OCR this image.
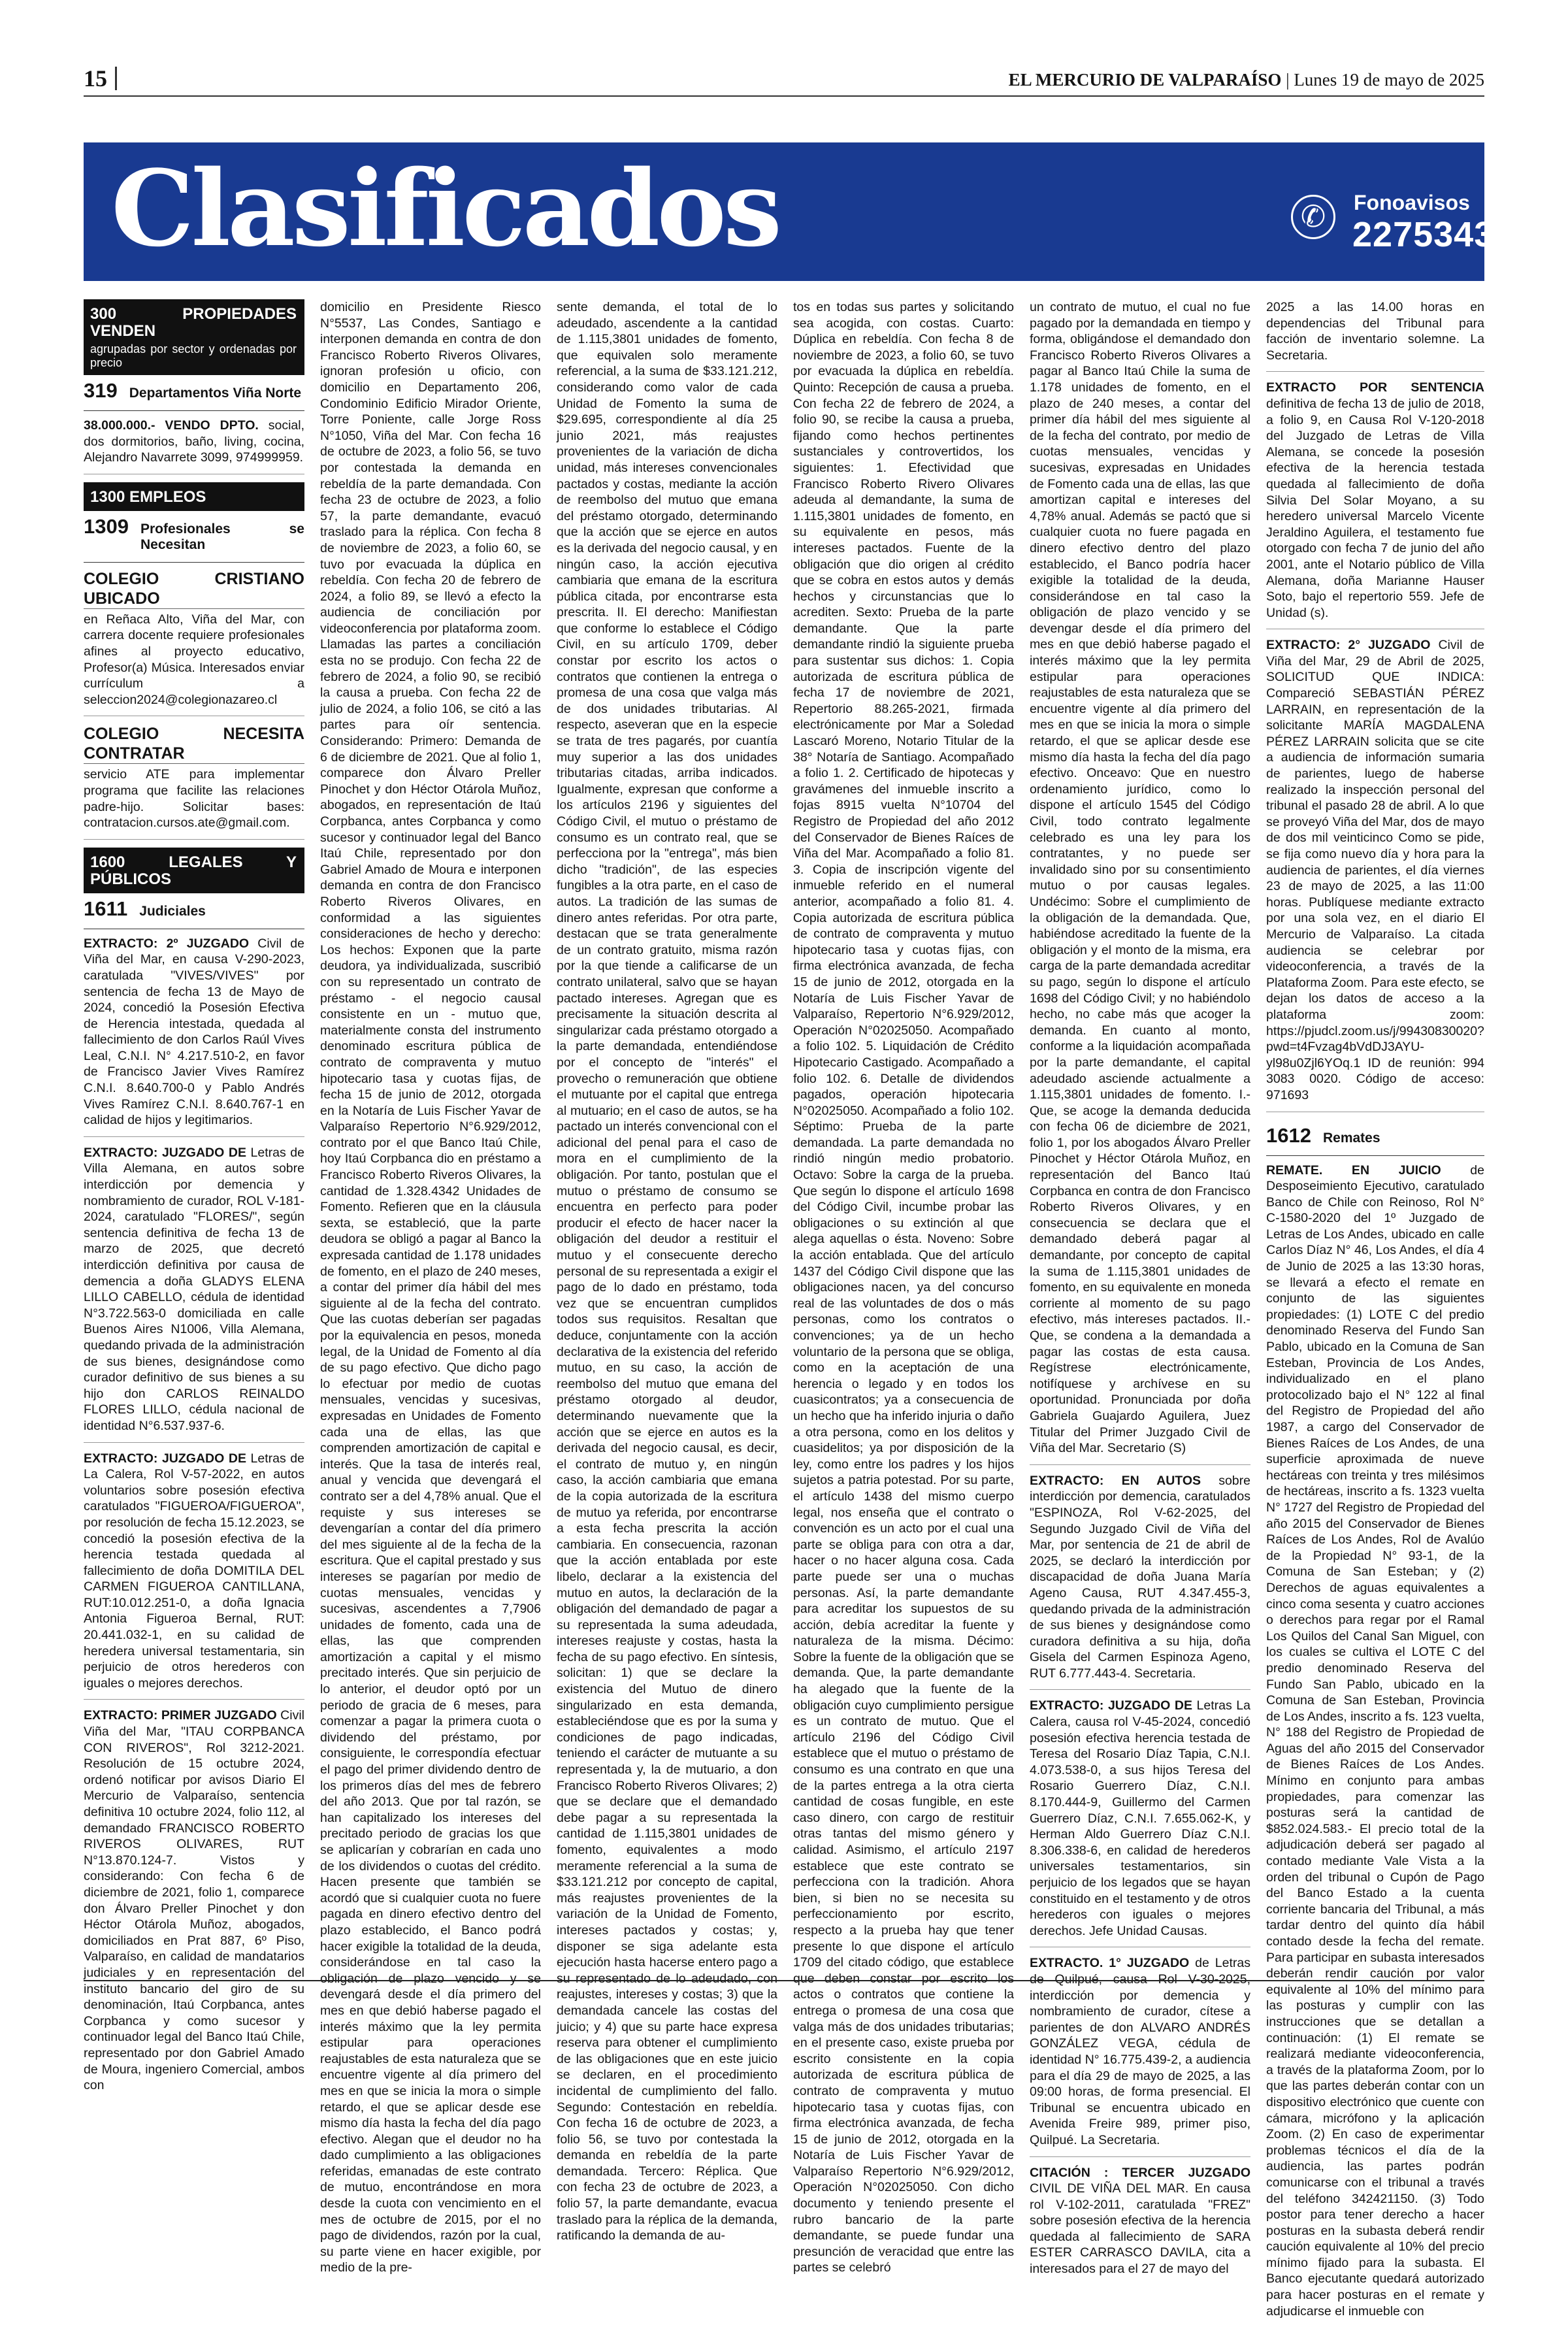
15	EL MERCURIO DE VALPARAÍSO | Lunes 19 de mayo de 2025
Clasificados	✆	Fonoavisos
227534313
300 PROPIEDADES VENDEN
agrupadas por sector y ordenadas por precio
319 Departamentos Viña Norte

38.000.000.- VENDO DPTO. social, dos dormitorios, baño, living, cocina, Alejandro Navarrete 3099, 974999959.

1300 EMPLEOS
1309 Profesionales se Necesitan
COLEGIO CRISTIANO UBICADO

en Reñaca Alto, Viña del Mar, con carrera docente requiere profesionales afines al proyecto educativo, Profesor(a) Música. Interesados enviar currículum a seleccion2024@colegionazareo.cl

COLEGIO NECESITA CONTRATAR

servicio ATE para implementar programa que facilite las relaciones padre-hijo. Solicitar bases: contratacion.cursos.ate@gmail.com.

1600 LEGALES Y PÚBLICOS
1611 Judiciales

EXTRACTO: 2º JUZGADO Civil de Viña del Mar, en causa V-290-2023, caratulada "VIVES/VIVES" por sentencia de fecha 13 de Mayo de 2024, concedió la Posesión Efectiva de Herencia intestada, quedada al fallecimiento de don Carlos Raúl Vives Leal, C.N.I. N° 4.217.510-2, en favor de Francisco Javier Vives Ramírez C.N.I. 8.640.700-0 y Pablo Andrés Vives Ramírez C.N.I. 8.640.767-1 en calidad de hijos y legitimarios.

EXTRACTO: JUZGADO DE Letras de Villa Alemana, en autos sobre interdicción por demencia y nombramiento de curador, ROL V-181-2024, caratulado "FLORES/", según sentencia definitiva de fecha 13 de marzo de 2025, que decretó interdicción definitiva por causa de demencia a doña GLADYS ELENA LILLO CABELLO, cédula de identidad N°3.722.563-0 domiciliada en calle Buenos Aires N1006, Villa Alemana, quedando privada de la administración de sus bienes, designándose como curador definitivo de sus bienes a su hijo don CARLOS REINALDO FLORES LILLO, cédula nacional de identidad N°6.537.937-6.

EXTRACTO: JUZGADO DE Letras de La Calera, Rol V-57-2022, en autos voluntarios sobre posesión efectiva caratulados "FIGUEROA/FIGUEROA", por resolución de fecha 15.12.2023, se concedió la posesión efectiva de la herencia testada quedada al fallecimiento de doña DOMITILA DEL CARMEN FIGUEROA CANTILLANA, RUT:10.012.251-0, a doña Ignacia Antonia Figueroa Bernal, RUT: 20.441.032-1, en su calidad de heredera universal testamentaria, sin perjuicio de otros herederos con iguales o mejores derechos.

EXTRACTO: PRIMER JUZGADO Civil Viña del Mar, "ITAU CORPBANCA CON RIVEROS", Rol 3212-2021. Resolución de 15 octubre 2024, ordenó notificar por avisos Diario El Mercurio de Valparaíso, sentencia definitiva 10 octubre 2024, folio 112, al demandado FRANCISCO ROBERTO RIVEROS OLIVARES, RUT N°13.870.124-7. Vistos y considerando: Con fecha 6 de diciembre de 2021, folio 1, comparece don Álvaro Preller Pinochet y don Héctor Otárola Muñoz, abogados, domiciliados en Prat 887, 6º Piso, Valparaíso, en calidad de mandatarios judiciales y en representación del instituto bancario del giro de su denominación, Itaú Corpbanca, antes Corpbanca y como sucesor y continuador legal del Banco Itaú Chile, representado por don Gabriel Amado de Moura, ingeniero Comercial, ambos con

domicilio en Presidente Riesco N°5537, Las Condes, Santiago e interponen demanda en contra de don Francisco Roberto Riveros Olivares, ignoran profesión u oficio, con domicilio en Departamento 206, Condominio Edificio Mirador Oriente, Torre Poniente, calle Jorge Ross N°1050, Viña del Mar. Con fecha 16 de octubre de 2023, a folio 56, se tuvo por contestada la demanda en rebeldía de la parte demandada. Con fecha 23 de octubre de 2023, a folio 57, la parte demandante, evacuó traslado para la réplica. Con fecha 8 de noviembre de 2023, a folio 60, se tuvo por evacuada la dúplica en rebeldía. Con fecha 20 de febrero de 2024, a folio 89, se llevó a efecto la audiencia de conciliación por videoconferencia por plataforma zoom. Llamadas las partes a conciliación esta no se produjo. Con fecha 22 de febrero de 2024, a folio 90, se recibió la causa a prueba. Con fecha 22 de julio de 2024, a folio 106, se citó a las partes para oír sentencia. Considerando: Primero: Demanda de 6 de diciembre de 2021. Que al folio 1, comparece don Álvaro Preller Pinochet y don Héctor Otárola Muñoz, abogados, en representación de Itaú Corpbanca, antes Corpbanca y como sucesor y continuador legal del Banco Itaú Chile, representado por don Gabriel Amado de Moura e interponen demanda en contra de don Francisco Roberto Riveros Olivares, en conformidad a las siguientes consideraciones de hecho y derecho: Los hechos: Exponen que la parte deudora, ya individualizada, suscribió con su representado un contrato de préstamo - el negocio causal consistente en un - mutuo que, materialmente consta del instrumento denominado escritura pública de contrato de compraventa y mutuo hipotecario tasa y cuotas fijas, de fecha 15 de junio de 2012, otorgada en la Notaría de Luis Fischer Yavar de Valparaíso Repertorio N°6.929/2012, contrato por el que Banco Itaú Chile, hoy Itaú Corpbanca dio en préstamo a Francisco Roberto Riveros Olivares, la cantidad de 1.328.4342 Unidades de Fomento. Refieren que en la cláusula sexta, se estableció, que la parte deudora se obligó a pagar al Banco la expresada cantidad de 1.178 unidades de fomento, en el plazo de 240 meses, a contar del primer día hábil del mes siguiente al de la fecha del contrato. Que las cuotas deberían ser pagadas por la equivalencia en pesos, moneda legal, de la Unidad de Fomento al día de su pago efectivo. Que dicho pago lo efectuar por medio de cuotas mensuales, vencidas y sucesivas, expresadas en Unidades de Fomento cada una de ellas, las que comprenden amortización de capital e interés. Que la tasa de interés real, anual y vencida que devengará el contrato ser a del 4,78% anual. Que el requiste y sus intereses se devengarían a contar del día primero del mes siguiente al de la fecha de la escritura. Que el capital prestado y sus intereses se pagarían por medio de cuotas mensuales, vencidas y sucesivas, ascendentes a 7,7906 unidades de fomento, cada una de ellas, las que comprenden amortización a capital y el mismo precitado interés. Que sin perjuicio de lo anterior, el deudor optó por un periodo de gracia de 6 meses, para comenzar a pagar la primera cuota o dividendo del préstamo, por consiguiente, le correspondía efectuar el pago del primer dividendo dentro de los primeros días del mes de febrero del año 2013. Que por tal razón, se han capitalizado los intereses del precitado periodo de gracias los que se aplicarían y cobrarían en cada uno de los dividendos o cuotas del crédito. Hacen presente que también se acordó que si cualquier cuota no fuere pagada en dinero efectivo dentro del plazo establecido, el Banco podrá hacer exigible la totalidad de la deuda, considerándose en tal caso la obligación de plazo vencido y se devengará desde el día primero del mes en que debió haberse pagado el interés máximo que la ley permita estipular para operaciones reajustables de esta naturaleza que se encuentre vigente al día primero del mes en que se inicia la mora o simple retardo, el que se aplicar desde ese mismo día hasta la fecha del día pago efectivo. Alegan que el deudor no ha dado cumplimiento a las obligaciones referidas, emanadas de este contrato de mutuo, encontrándose en mora desde la cuota con vencimiento en el mes de octubre de 2015, por el no pago de dividendos, razón por la cual, su parte viene en hacer exigible, por medio de la pre-

sente demanda, el total de lo adeudado, ascendente a la cantidad de 1.115,3801 unidades de fomento, que equivalen solo meramente referencial, a la suma de $33.121.212, considerando como valor de cada Unidad de Fomento la suma de $29.695, correspondiente al día 25 junio 2021, más reajustes provenientes de la variación de dicha unidad, más intereses convencionales pactados y costas, mediante la acción de reembolso del mutuo que emana del préstamo otorgado, determinando que la acción que se ejerce en autos es la derivada del negocio causal, y en ningún caso, la acción ejecutiva cambiaria que emana de la escritura pública citada, por encontrarse esta prescrita. II. El derecho: Manifiestan que conforme lo establece el Código Civil, en su artículo 1709, deber constar por escrito los actos o contratos que contienen la entrega o promesa de una cosa que valga más de dos unidades tributarias. Al respecto, aseveran que en la especie se trata de tres pagarés, por cuantía muy superior a las dos unidades tributarias citadas, arriba indicados. Igualmente, expresan que conforme a los artículos 2196 y siguientes del Código Civil, el mutuo o préstamo de consumo es un contrato real, que se perfecciona por la "entrega", más bien dicho "tradición", de las especies fungibles a la otra parte, en el caso de autos. La tradición de las sumas de dinero antes referidas. Por otra parte, destacan que se trata generalmente de un contrato gratuito, misma razón por la que tiende a calificarse de un contrato unilateral, salvo que se hayan pactado intereses. Agregan que es precisamente la situación descrita al singularizar cada préstamo otorgado a la parte demandada, entendiéndose por el concepto de "interés" el provecho o remuneración que obtiene el mutuante por el capital que entrega al mutuario; en el caso de autos, se ha pactado un interés convencional con el adicional del penal para el caso de mora en el cumplimiento de la obligación. Por tanto, postulan que el mutuo o préstamo de consumo se encuentra en perfecto para poder producir el efecto de hacer nacer la obligación del deudor a restituir el mutuo y el consecuente derecho personal de su representada a exigir el pago de lo dado en préstamo, toda vez que se encuentran cumplidos todos sus requisitos. Resaltan que deduce, conjuntamente con la acción declarativa de la existencia del referido mutuo, en su caso, la acción de reembolso del mutuo que emana del préstamo otorgado al deudor, determinando nuevamente que la acción que se ejerce en autos es la derivada del negocio causal, es decir, el contrato de mutuo y, en ningún caso, la acción cambiaria que emana de la copia autorizada de la escritura de mutuo ya referida, por encontrarse a esta fecha prescrita la acción cambiaria. En consecuencia, razonan que la acción entablada por este libelo, declarar a la existencia del mutuo en autos, la declaración de la obligación del demandado de pagar a su representada la suma adeudada, intereses reajuste y costas, hasta la fecha de su pago efectivo. En síntesis, solicitan: 1) que se declare la existencia del Mutuo de dinero singularizado en esta demanda, estableciéndose que es por la suma y condiciones de pago indicadas, teniendo el carácter de mutuante a su representada y, la de mutuario, a don Francisco Roberto Riveros Olivares; 2) que se declare que el demandado debe pagar a su representada la cantidad de 1.115,3801 unidades de fomento, equivalentes a modo meramente referencial a la suma de $33.121.212 por concepto de capital, más reajustes provenientes de la variación de la Unidad de Fomento, intereses pactados y costas; y, disponer se siga adelante esta ejecución hasta hacerse entero pago a su representado de lo adeudado, con reajustes, intereses y costas; 3) que la demandada cancele las costas del juicio; y 4) que su parte hace expresa reserva para obtener el cumplimiento de las obligaciones que en este juicio se declaren, en el procedimiento incidental de cumplimiento del fallo. Segundo: Contestación en rebeldía. Con fecha 16 de octubre de 2023, a folio 56, se tuvo por contestada la demanda en rebeldía de la parte demandada. Tercero: Réplica. Que con fecha 23 de octubre de 2023, a folio 57, la parte demandante, evacua traslado para la réplica de la demanda, ratificando la demanda de au-

tos en todas sus partes y solicitando sea acogida, con costas. Cuarto: Dúplica en rebeldía. Con fecha 8 de noviembre de 2023, a folio 60, se tuvo por evacuada la dúplica en rebeldía. Quinto: Recepción de causa a prueba. Con fecha 22 de febrero de 2024, a folio 90, se recibe la causa a prueba, fijando como hechos pertinentes sustanciales y controvertidos, los siguientes: 1. Efectividad que Francisco Roberto Rivero Olivares adeuda al demandante, la suma de 1.115,3801 unidades de fomento, en su equivalente en pesos, más intereses pactados. Fuente de la obligación que dio origen al crédito que se cobra en estos autos y demás hechos y circunstancias que lo acrediten. Sexto: Prueba de la parte demandante. Que la parte demandante rindió la siguiente prueba para sustentar sus dichos: 1. Copia autorizada de escritura pública de fecha 17 de noviembre de 2021, Repertorio 88.265-2021, firmada electrónicamente por Mar a Soledad Lascaró Moreno, Notario Titular de la 38° Notaría de Santiago. Acompañado a folio 1. 2. Certificado de hipotecas y gravámenes del inmueble inscrito a fojas 8915 vuelta N°10704 del Registro de Propiedad del año 2012 del Conservador de Bienes Raíces de Viña del Mar. Acompañado a folio 81. 3. Copia de inscripción vigente del inmueble referido en el numeral anterior, acompañado a folio 81. 4. Copia autorizada de escritura pública de contrato de compraventa y mutuo hipotecario tasa y cuotas fijas, con firma electrónica avanzada, de fecha 15 de junio de 2012, otorgada en la Notaría de Luis Fischer Yavar de Valparaíso, Repertorio N°6.929/2012, Operación N°02025050. Acompañado a folio 102. 5. Liquidación de Crédito Hipotecario Castigado. Acompañado a folio 102. 6. Detalle de dividendos pagados, operación hipotecaria N°02025050. Acompañado a folio 102. Séptimo: Prueba de la parte demandada. La parte demandada no rindió ningún medio probatorio. Octavo: Sobre la carga de la prueba. Que según lo dispone el artículo 1698 del Código Civil, incumbe probar las obligaciones o su extinción al que alega aquellas o ésta. Noveno: Sobre la acción entablada. Que del artículo 1437 del Código Civil dispone que las obligaciones nacen, ya del concurso real de las voluntades de dos o más personas, como los contratos o convenciones; ya de un hecho voluntario de la persona que se obliga, como en la aceptación de una herencia o legado y en todos los cuasicontratos; ya a consecuencia de un hecho que ha inferido injuria o daño a otra persona, como en los delitos y cuasidelitos; ya por disposición de la ley, como entre los padres y los hijos sujetos a patria potestad. Por su parte, el artículo 1438 del mismo cuerpo legal, nos enseña que el contrato o convención es un acto por el cual una parte se obliga para con otra a dar, hacer o no hacer alguna cosa. Cada parte puede ser una o muchas personas. Así, la parte demandante para acreditar los supuestos de su acción, debía acreditar la fuente y naturaleza de la misma. Décimo: Sobre la fuente de la obligación que se demanda. Que, la parte demandante ha alegado que la fuente de la obligación cuyo cumplimiento persigue es un contrato de mutuo. Que el artículo 2196 del Código Civil establece que el mutuo o préstamo de consumo es una contrato en que una de la partes entrega a la otra cierta cantidad de cosas fungible, en este caso dinero, con cargo de restituir otras tantas del mismo género y calidad. Asimismo, el artículo 2197 establece que este contrato se perfecciona con la tradición. Ahora bien, si bien no se necesita su perfeccionamiento por escrito, respecto a la prueba hay que tener presente lo que dispone el artículo 1709 del citado código, que establece que deben constar por escrito los actos o contratos que contiene la entrega o promesa de una cosa que valga más de dos unidades tributarias; en el presente caso, existe prueba por escrito consistente en la copia autorizada de escritura pública de contrato de compraventa y mutuo hipotecario tasa y cuotas fijas, con firma electrónica avanzada, de fecha 15 de junio de 2012, otorgada en la Notaría de Luis Fischer Yavar de Valparaíso Repertorio N°6.929/2012, Operación N°02025050. Con dicho documento y teniendo presente el rubro bancario de la parte demandante, se puede fundar una presunción de veracidad que entre las partes se celebró

un contrato de mutuo, el cual no fue pagado por la demandada en tiempo y forma, obligándose el demandado don Francisco Roberto Riveros Olivares a pagar al Banco Itaú Chile la suma de 1.178 unidades de fomento, en el plazo de 240 meses, a contar del primer día hábil del mes siguiente al de la fecha del contrato, por medio de cuotas mensuales, vencidas y sucesivas, expresadas en Unidades de Fomento cada una de ellas, las que amortizan capital e intereses del 4,78% anual. Además se pactó que si cualquier cuota no fuere pagada en dinero efectivo dentro del plazo establecido, el Banco podría hacer exigible la totalidad de la deuda, considerándose en tal caso la obligación de plazo vencido y se devengar desde el día primero del mes en que debió haberse pagado el interés máximo que la ley permita estipular para operaciones reajustables de esta naturaleza que se encuentre vigente al día primero del mes en que se inicia la mora o simple retardo, el que se aplicar desde ese mismo día hasta la fecha del día pago efectivo. Onceavo: Que en nuestro ordenamiento jurídico, como lo dispone el artículo 1545 del Código Civil, todo contrato legalmente celebrado es una ley para los contratantes, y no puede ser invalidado sino por su consentimiento mutuo o por causas legales. Undécimo: Sobre el cumplimiento de la obligación de la demandada. Que, habiéndose acreditado la fuente de la obligación y el monto de la misma, era carga de la parte demandada acreditar su pago, según lo dispone el artículo 1698 del Código Civil; y no habiéndolo hecho, no cabe más que acoger la demanda. En cuanto al monto, conforme a la liquidación acompañada por la parte demandante, el capital adeudado asciende actualmente a 1.115,3801 unidades de fomento. I.- Que, se acoge la demanda deducida con fecha 06 de diciembre de 2021, folio 1, por los abogados Álvaro Preller Pinochet y Héctor Otárola Muñoz, en representación del Banco Itaú Corpbanca en contra de don Francisco Roberto Riveros Olivares, y en consecuencia se declara que el demandado deberá pagar al demandante, por concepto de capital la suma de 1.115,3801 unidades de fomento, en su equivalente en moneda corriente al momento de su pago efectivo, más intereses pactados. II.- Que, se condena a la demandada a pagar las costas de esta causa. Regístrese electrónicamente, notifíquese y archívese en su oportunidad. Pronunciada por doña Gabriela Guajardo Aguilera, Juez Titular del Primer Juzgado Civil de Viña del Mar. Secretario (S)

EXTRACTO: EN AUTOS sobre interdicción por demencia, caratulados "ESPINOZA, Rol V-62-2025, del Segundo Juzgado Civil de Viña del Mar, por sentencia de 21 de abril de 2025, se declaró la interdicción por discapacidad de doña Juana María Ageno Causa, RUT 4.347.455-3, quedando privada de la administración de sus bienes y designándose como curadora definitiva a su hija, doña Gisela del Carmen Espinoza Ageno, RUT 6.777.443-4. Secretaria.

EXTRACTO: JUZGADO DE Letras La Calera, causa rol V-45-2024, concedió posesión efectiva herencia testada de Teresa del Rosario Díaz Tapia, C.N.I. 4.073.538-0, a sus hijos Teresa del Rosario Guerrero Díaz, C.N.I. 8.170.444-9, Guillermo del Carmen Guerrero Díaz, C.N.I. 7.655.062-K, y Herman Aldo Guerrero Díaz C.N.I. 8.306.338-6, en calidad de herederos universales testamentarios, sin perjuicio de los legados que se hayan constituido en el testamento y de otros herederos con iguales o mejores derechos. Jefe Unidad Causas.

EXTRACTO. 1° JUZGADO de Letras de Quilpué, causa Rol V-30-2025, interdicción por demencia y nombramiento de curador, cítese a parientes de don ALVARO ANDRÉS GONZÁLEZ VEGA, cédula de identidad N° 16.775.439-2, a audiencia para el día 29 de mayo de 2025, a las 09:00 horas, de forma presencial. El Tribunal se encuentra ubicado en Avenida Freire 989, primer piso, Quilpué. La Secretaria.

CITACIÓN : TERCER JUZGADO CIVIL DE VIÑA DEL MAR. En causa rol V-102-2011, caratulada "FREZ" sobre posesión efectiva de la herencia quedada al fallecimiento de SARA ESTER CARRASCO DAVILA, cita a interesados para el 27 de mayo del

2025 a las 14.00 horas en dependencias del Tribunal para facción de inventario solemne. La Secretaria.

EXTRACTO POR SENTENCIA definitiva de fecha 13 de julio de 2018, a folio 9, en Causa Rol V-120-2018 del Juzgado de Letras de Villa Alemana, se concede la posesión efectiva de la herencia testada quedada al fallecimiento de doña Silvia Del Solar Moyano, a su heredero universal Marcelo Vicente Jeraldino Aguilera, el testamento fue otorgado con fecha 7 de junio del año 2001, ante el Notario público de Villa Alemana, doña Marianne Hauser Soto, bajo el repertorio 559. Jefe de Unidad (s).

EXTRACTO: 2° JUZGADO Civil de Viña del Mar, 29 de Abril de 2025, SOLICITUD QUE INDICA: Compareció SEBASTIÁN PÉREZ LARRAIN, en representación de la solicitante MARÍA MAGDALENA PÉREZ LARRAIN solicita que se cite a audiencia de información sumaria de parientes, luego de haberse realizado la inspección personal del tribunal el pasado 28 de abril. A lo que se proveyó Viña del Mar, dos de mayo de dos mil veinticinco Como se pide, se fija como nuevo día y hora para la audiencia de parientes, el día viernes 23 de mayo de 2025, a las 11:00 horas. Publíquese mediante extracto por una sola vez, en el diario El Mercurio de Valparaíso. La citada audiencia se celebrar por videoconferencia, a través de la Plataforma Zoom. Para este efecto, se dejan los datos de acceso a la plataforma zoom: https://pjudcl.zoom.us/j/99430830020?pwd=t4Fvzag4bVdDJ3AYU-yl98u0Zjl6YOq.1 ID de reunión: 994 3083 0020. Código de acceso: 971693

1612 Remates

REMATE. EN JUICIO de Desposeimiento Ejecutivo, caratulado Banco de Chile con Reinoso, Rol N° C-1580-2020 del 1º Juzgado de Letras de Los Andes, ubicado en calle Carlos Díaz N° 46, Los Andes, el día 4 de Junio de 2025 a las 13:30 horas, se llevará a efecto el remate en conjunto de las siguientes propiedades: (1) LOTE C del predio denominado Reserva del Fundo San Pablo, ubicado en la Comuna de San Esteban, Provincia de Los Andes, individualizado en el plano protocolizado bajo el N° 122 al final del Registro de Propiedad del año 1987, a cargo del Conservador de Bienes Raíces de Los Andes, de una superficie aproximada de nueve hectáreas con treinta y tres milésimos de hectáreas, inscrito a fs. 1323 vuelta N° 1727 del Registro de Propiedad del año 2015 del Conservador de Bienes Raíces de Los Andes, Rol de Avalúo de la Propiedad N° 93-1, de la Comuna de San Esteban; y (2) Derechos de aguas equivalentes a cinco coma sesenta y cuatro acciones o derechos para regar por el Ramal Los Quilos del Canal San Miguel, con los cuales se cultiva el LOTE C del predio denominado Reserva del Fundo San Pablo, ubicado en la Comuna de San Esteban, Provincia de Los Andes, inscrito a fs. 123 vuelta, N° 188 del Registro de Propiedad de Aguas del año 2015 del Conservador de Bienes Raíces de Los Andes. Mínimo en conjunto para ambas propiedades, para comenzar las posturas será la cantidad de $852.024.583.- El precio total de la adjudicación deberá ser pagado al contado mediante Vale Vista a la orden del tribunal o Cupón de Pago del Banco Estado a la cuenta corriente bancaria del Tribunal, a más tardar dentro del quinto día hábil contado desde la fecha del remate. Para participar en subasta interesados deberán rendir caución por valor equivalente al 10% del mínimo para las posturas y cumplir con las instrucciones que se detallan a continuación: (1) El remate se realizará mediante videoconferencia, a través de la plataforma Zoom, por lo que las partes deberán contar con un dispositivo electrónico que cuente con cámara, micrófono y la aplicación Zoom. (2) En caso de experimentar problemas técnicos el día de la audiencia, las partes podrán comunicarse con el tribunal a través del teléfono 342421150. (3) Todo postor para tener derecho a hacer posturas en la subasta deberá rendir caución equivalente al 10% del precio mínimo fijado para la subasta. El Banco ejecutante quedará autorizado para hacer posturas en el remate y adjudicarse el inmueble con
